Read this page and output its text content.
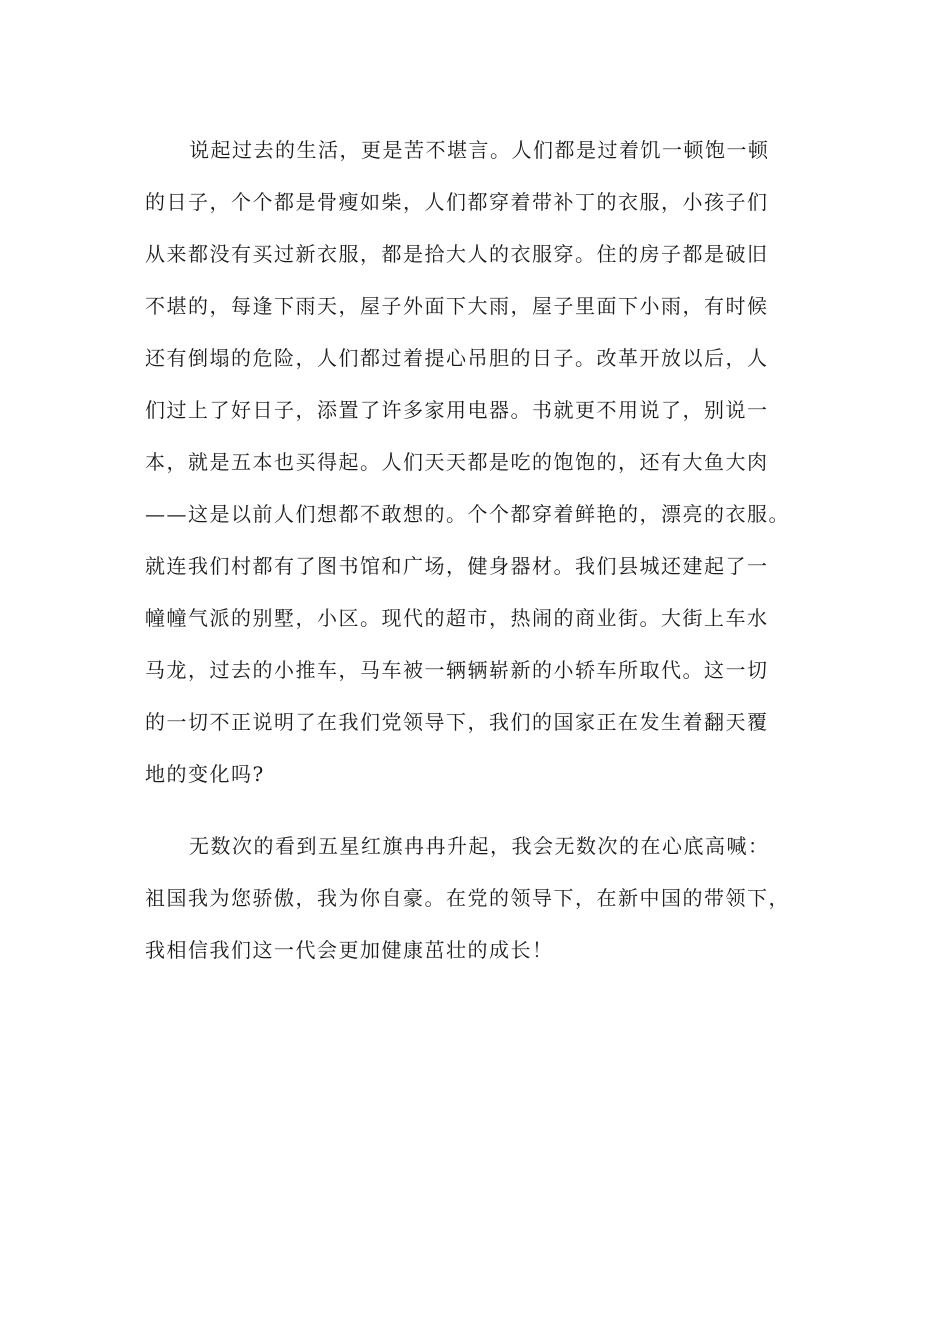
说起过去的生活，更是苦不堪言。人们都是过着饥一顿饱一顿
的日子，个个都是骨瘦如柴，人们都穿着带补丁的衣服，小孩子们
从来都没有买过新衣服，都是拾大人的衣服穿。住的房子都是破旧
不堪的，每逢下雨天，屋子外面下大雨，屋子里面下小雨，有时候
还有倒塌的危险，人们都过着提心吊胆的日子。改革开放以后，人
们过上了好日子，添置了许多家用电器。书就更不用说了，别说一
本，就是五本也买得起。人们天天都是吃的饱饱的，还有大鱼大肉
——这是以前人们想都不敢想的。个个都穿着鲜艳的，漂亮的衣服。
就连我们村都有了图书馆和广场，健身器材。我们县城还建起了一
幢幢气派的别墅，小区。现代的超市，热闹的商业街。大街上车水
马龙，过去的小推车，马车被一辆辆崭新的小轿车所取代。这一切
的一切不正说明了在我们党领导下，我们的国家正在发生着翻天覆
地的变化吗?
无数次的看到五星红旗冉冉升起，我会无数次的在心底高喊：
祖国我为您骄傲，我为你自豪。在党的领导下，在新中国的带领下，
我相信我们这一代会更加健康茁壮的成长！
